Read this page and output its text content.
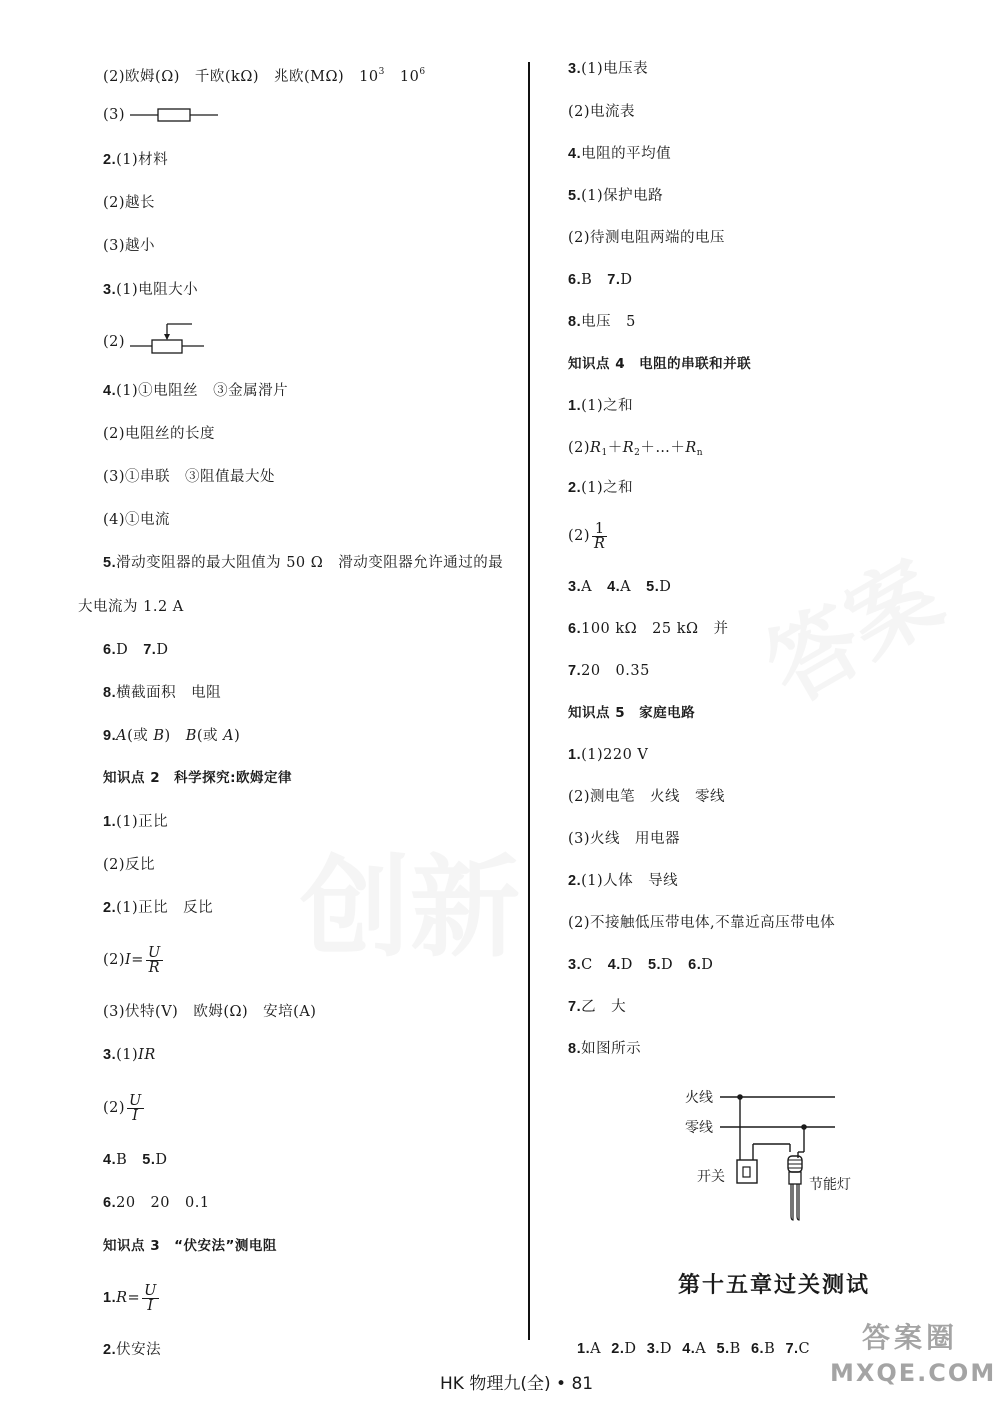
创新
答案
(2)欧姆(Ω)　千欧(kΩ)　兆欧(MΩ)　$10^3$　$10^6$
(3)
2.(1)材料
(2)越长
(3)越小
3.(1)电阻大小
(2)
4.(1)①电阻丝　③金属滑片
(2)电阻丝的长度
(3)①串联　③阻值最大处
(4)①电流
5.滑动变阻器的最大阻值为 50 Ω　滑动变阻器允许通过的最
大电流为 1.2 A
6.D　7.D
8.横截面积　电阻
9.A(或 B)　B(或 A)
知识点 2　科学探究:欧姆定律
1.(1)正比
(2)反比
2.(1)正比　反比
$(2)I= \frac{U}{R}$
(3)伏特(V)　欧姆(Ω)　安培(A)
3.(1)IR
$(2) \frac{U}{I}$
4.B　5.D
6.20　20　0.1
知识点 3　“伏安法”测电阻
$1.R= \frac{U}{I}$
2.伏安法
3.(1)电压表
(2)电流表
4.电阻的平均值
5.(1)保护电路
(2)待测电阻两端的电压
6.B　7.D
8.电压　5
知识点 4　电阻的串联和并联
1.(1)之和
$(2)R_1+R_2+\dots+R_n$
2.(1)之和
$(2) \frac{1}{R}$
3.A　4.A　5.D
6.100 kΩ　25 kΩ　并
7.20　0.35
知识点 5　家庭电路
1.(1)220 V
(2)测电笔　火线　零线
(3)火线　用电器
2.(1)人体　导线
(2)不接触低压带电体,不靠近高压带电体
3.C　4.D　5.D　6.D
7.乙　大
8.如图所示
火线
零线
开关	节能灯
第十五章过关测试
1.A 2.D 3.D 4.A 5.B 6.B 7.C
HK 物理九(全) • 81
答案圈
MXQE.COM
